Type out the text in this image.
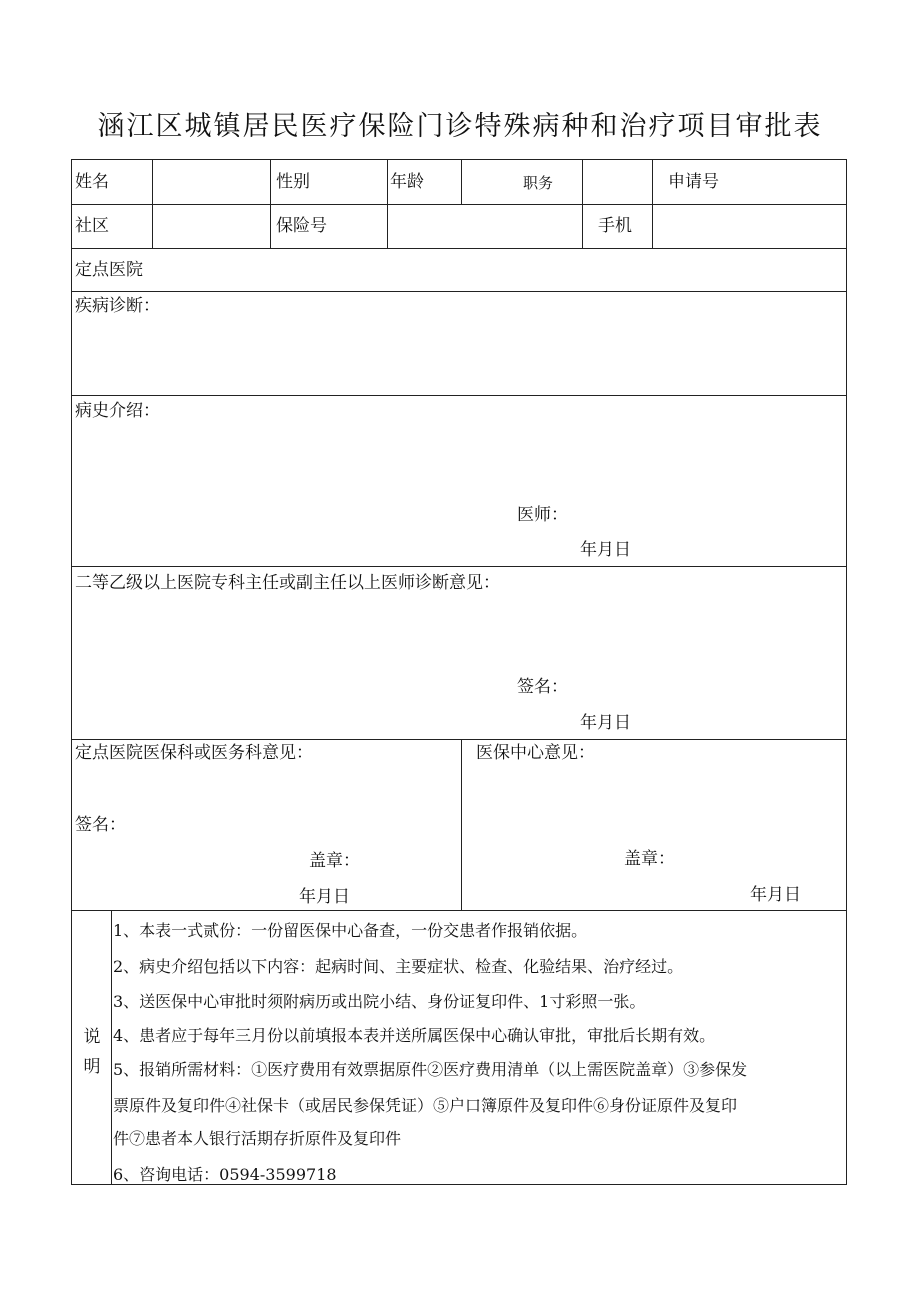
涵江区城镇居民医疗保险门诊特殊病种和治疗项目审批表
姓名	性别	年龄	职务	申请号
社区	保险号	手机
定点医院
疾病诊断：
病史介绍：
医师：
年月日
二等乙级以上医院专科主任或副主任以上医师诊断意见：
签名：
年月日
定点医院医保科或医务科意见：
签名：
盖章：
年月日
医保中心意见：
盖章：
年月日
说
明
1、本表一式贰份：一份留医保中心备查，一份交患者作报销依据。
2、病史介绍包括以下内容：起病时间、主要症状、检查、化验结果、治疗经过。
3、送医保中心审批时须附病历或出院小结、身份证复印件、1寸彩照一张。
4、患者应于每年三月份以前填报本表并送所属医保中心确认审批，审批后长期有效。
5、报销所需材料：①医疗费用有效票据原件②医疗费用清单（以上需医院盖章）③参保发
票原件及复印件④社保卡（或居民参保凭证）⑤户口簿原件及复印件⑥身份证原件及复印
件⑦患者本人银行活期存折原件及复印件
6、咨询电话：0594-3599718
